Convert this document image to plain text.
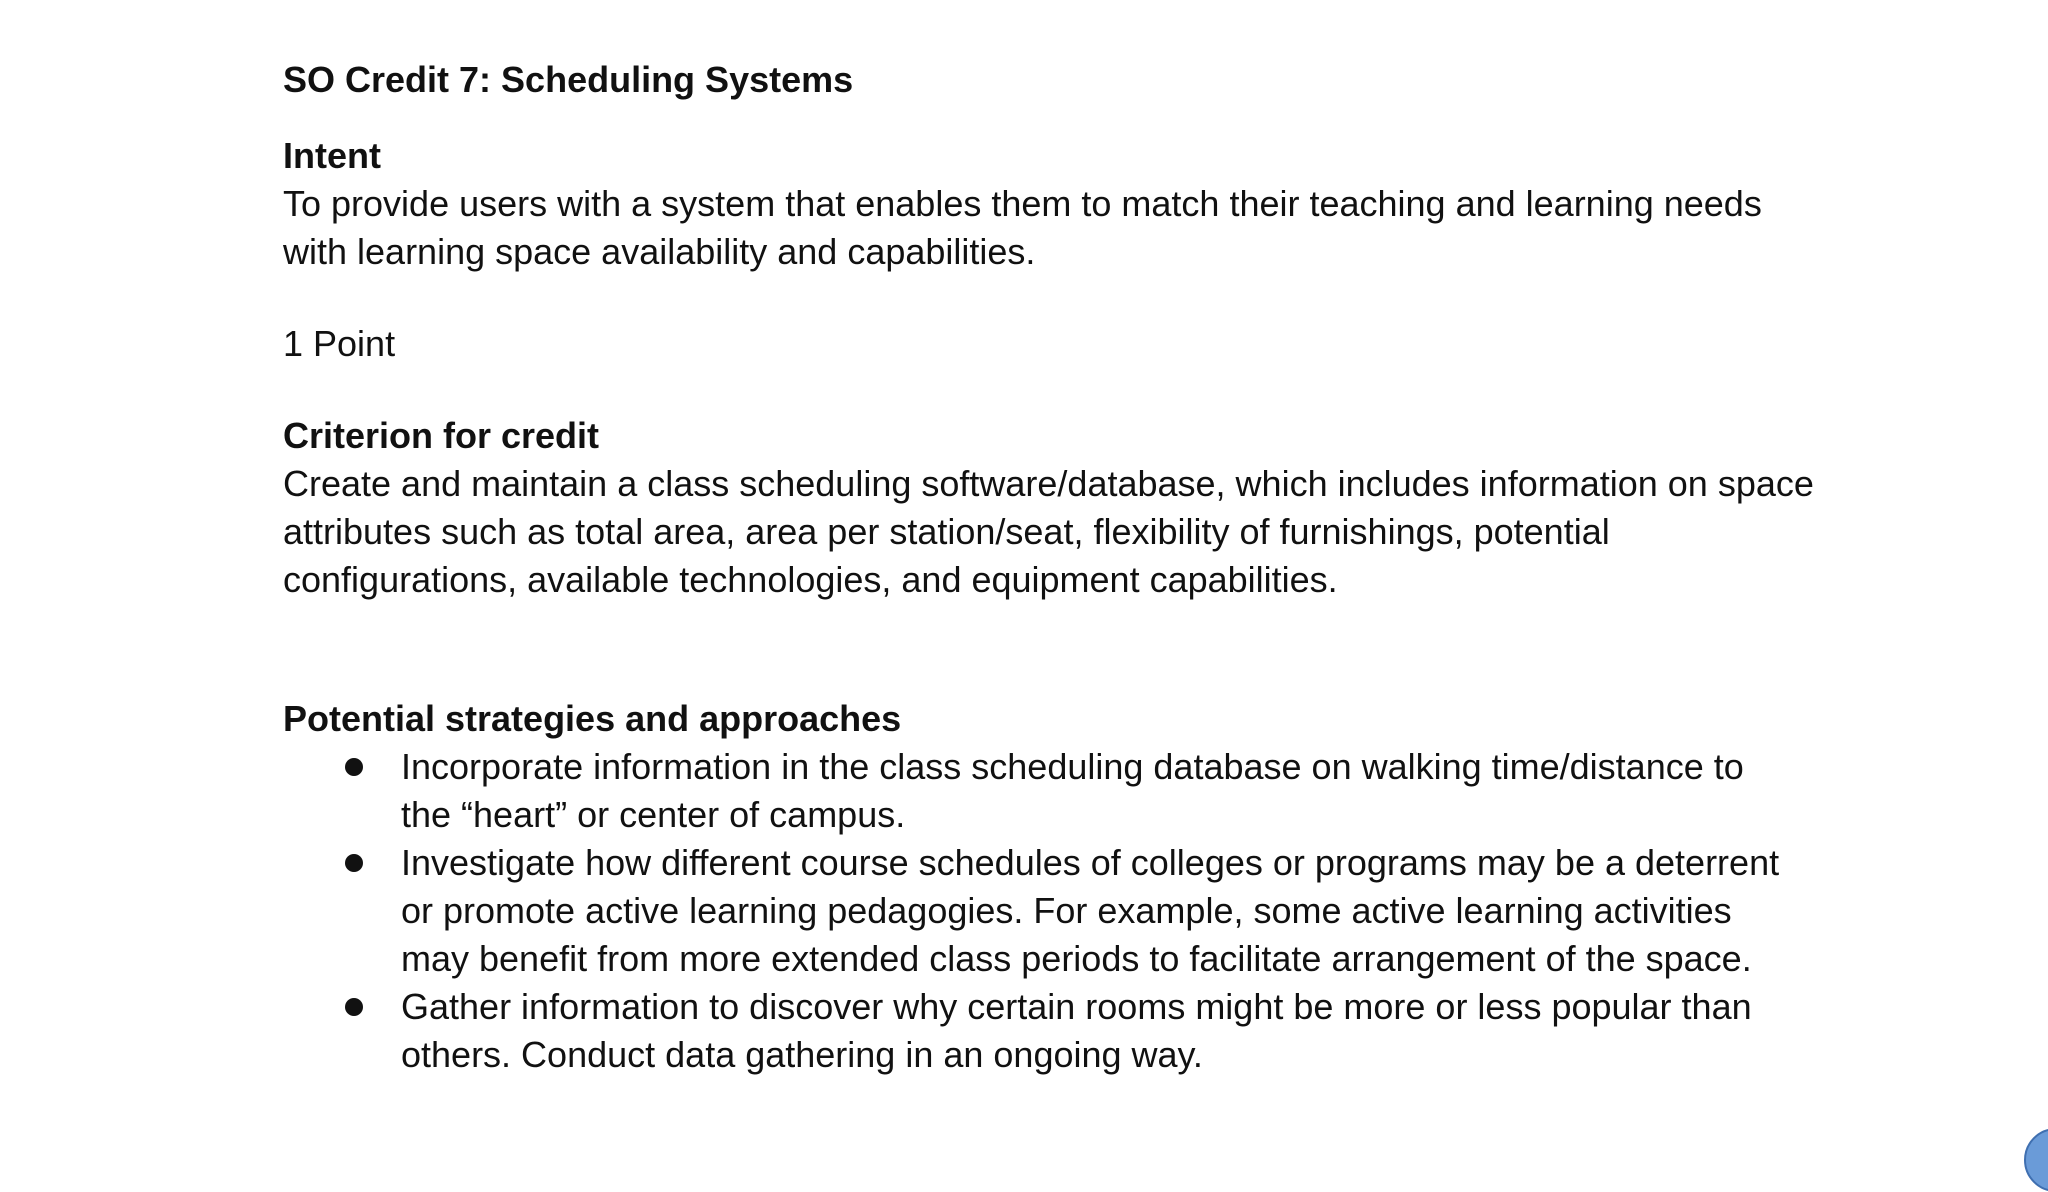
SO Credit 7: Scheduling Systems

Intent

To provide users with a system that enables them to match their teaching and learning needs

with learning space availability and capabilities.

1 Point

Criterion for credit

Create and maintain a class scheduling software/database, which includes information on space

attributes such as total area, area per station/seat, flexibility of furnishings, potential

configurations, available technologies, and equipment capabilities.

Potential strategies and approaches

Incorporate information in the class scheduling database on walking time/distance to

the “heart” or center of campus.

Investigate how different course schedules of colleges or programs may be a deterrent

or promote active learning pedagogies. For example, some active learning activities

may benefit from more extended class periods to facilitate arrangement of the space.

Gather information to discover why certain rooms might be more or less popular than

others. Conduct data gathering in an ongoing way.
